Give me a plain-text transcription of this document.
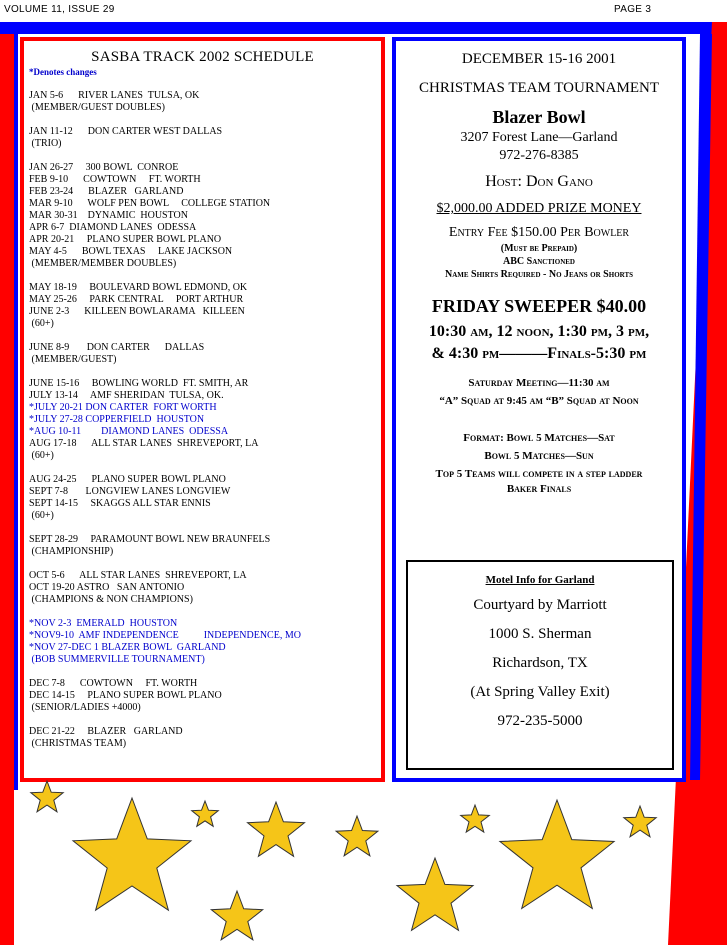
VOLUME 11, ISSUE 29	PAGE 3
SASBA TRACK 2002 SCHEDULE
*Denotes changes
JAN 5-6      RIVER LANES  TULSA, OK
(MEMBER/GUEST DOUBLES)
JAN 11-12      DON CARTER WEST DALLAS
(TRIO)
JAN 26-27     300 BOWL  CONROE
FEB 9-10      COWTOWN     FT. WORTH
FEB 23-24      BLAZER   GARLAND
MAR 9-10      WOLF PEN BOWL     COLLEGE STATION
MAR 30-31    DYNAMIC  HOUSTON
APR 6-7  DIAMOND LANES  ODESSA
APR 20-21     PLANO SUPER BOWL PLANO
MAY 4-5      BOWL TEXAS     LAKE JACKSON
(MEMBER/MEMBER DOUBLES)
MAY 18-19     BOULEVARD BOWL EDMOND, OK
MAY 25-26     PARK CENTRAL     PORT ARTHUR
JUNE 2-3      KILLEEN BOWLARAMA   KILLEEN
(60+)
JUNE 8-9       DON CARTER      DALLAS
(MEMBER/GUEST)
JUNE 15-16     BOWLING WORLD  FT. SMITH, AR
JULY 13-14     AMF SHERIDAN  TULSA, OK.
*JULY 20-21 DON CARTER  FORT WORTH
*JULY 27-28 COPPERFIELD  HOUSTON
*AUG 10-11        DIAMOND LANES  ODESSA
AUG 17-18      ALL STAR LANES  SHREVEPORT, LA
(60+)
AUG 24-25      PLANO SUPER BOWL PLANO
SEPT 7-8       LONGVIEW LANES LONGVIEW
SEPT 14-15     SKAGGS ALL STAR ENNIS
(60+)
SEPT 28-29     PARAMOUNT BOWL NEW BRAUNFELS
(CHAMPIONSHIP)
OCT 5-6      ALL STAR LANES  SHREVEPORT, LA
OCT 19-20 ASTRO   SAN ANTONIO
(CHAMPIONS & NON CHAMPIONS)
*NOV 2-3  EMERALD  HOUSTON
*NOV9-10  AMF INDEPENDENCE          INDEPENDENCE, MO
*NOV 27-DEC 1 BLAZER BOWL  GARLAND
(BOB SUMMERVILLE TOURNAMENT)
DEC 7-8      COWTOWN     FT. WORTH
DEC 14-15     PLANO SUPER BOWL PLANO
(SENIOR/LADIES +4000)
DEC 21-22     BLAZER   GARLAND
(CHRISTMAS TEAM)
DECEMBER 15-16 2001
CHRISTMAS TEAM TOURNAMENT
Blazer Bowl
3207 Forest Lane—Garland
972-276-8385
Host: Don Gano
$2,000.00 ADDED PRIZE MONEY
Entry Fee $150.00 Per Bowler
(Must be Prepaid)
ABC Sanctioned
Name Shirts Required - No Jeans or Shorts
FRIDAY SWEEPER $40.00
10:30 am, 12 noon, 1:30 pm, 3 pm,
& 4:30 pm———Finals-5:30 pm
Saturday Meeting—11:30 am
“A” Squad at 9:45 am “B” Squad at Noon
Format: Bowl 5 Matches—Sat
Bowl 5 Matches—Sun
Top 5 Teams will compete in a step ladder
Baker Finals
Motel Info for Garland
Courtyard by Marriott
1000 S. Sherman
Richardson, TX
(At Spring Valley Exit)
972-235-5000
